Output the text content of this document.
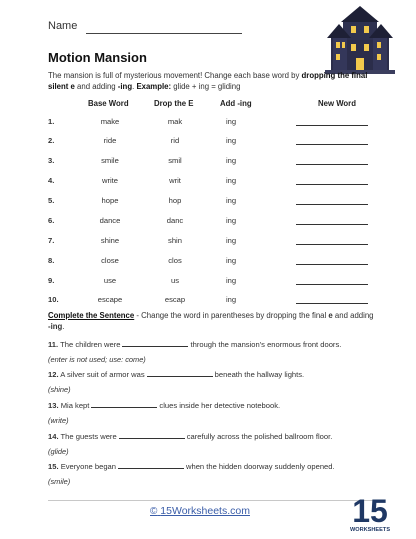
Name
Motion Mansion
The mansion is full of mysterious movement! Change each base word by dropping the final silent e and adding -ing. Example: glide + ing = gliding
Base Word	Drop the E	Add -ing	New Word
1.	make	mak	ing
2.	ride	rid	ing
3.	smile	smil	ing
4.	write	writ	ing
5.	hope	hop	ing
6.	dance	danc	ing
7.	shine	shin	ing
8.	close	clos	ing
9.	use	us	ing
10.	escape	escap	ing
Complete the Sentence - Change the word in parentheses by dropping the final e and adding -ing.
11. The children were	through the mansion's enormous front doors.
(enter is not used; use: come)
12. A silver suit of armor was	beneath the hallway lights.
(shine)
13. Mia kept	clues inside her detective notebook.
(write)
14. The guests were	carefully across the polished ballroom floor.
(glide)
15. Everyone began	when the hidden doorway suddenly opened.
(smile)
© 15Worksheets.com	15
WORKSHEETS
